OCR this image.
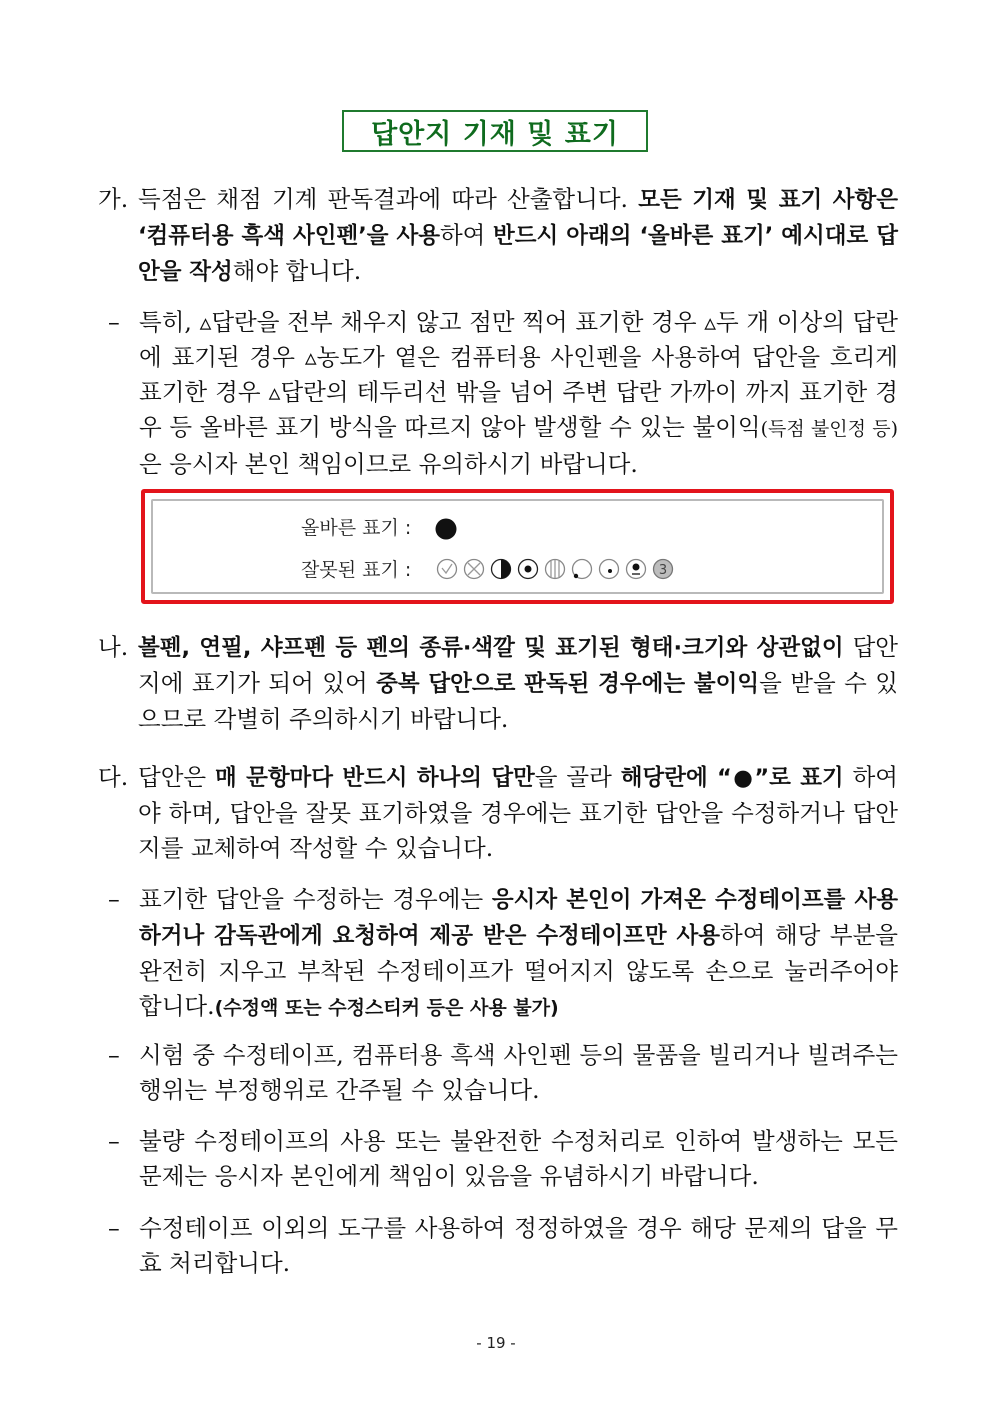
답안지 기재 및 표기
가. 득점은 채점 기계 판독결과에 따라 산출합니다. 모든 기재 및 표기 사항은 ‘컴퓨터용 흑색 사인펜’을 사용하여 반드시 아래의 ‘올바른 표기’ 예시대로 답안을 작성해야 합니다.
– 특히, ▵답란을 전부 채우지 않고 점만 찍어 표기한 경우 ▵두 개 이상의 답란에 표기된 경우 ▵농도가 옅은 컴퓨터용 사인펜을 사용하여 답안을 흐리게 표기한 경우 ▵답란의 테두리선 밖을 넘어 주변 답란 가까이 까지 표기한 경우 등 올바른 표기 방식을 따르지 않아 발생할 수 있는 불이익(득점 불인정 등)은 응시자 본인 책임이므로 유의하시기 바랍니다.
올바른 표기 :
잘못된 표기 :	3
나. 볼펜, 연필, 샤프펜 등 펜의 종류·색깔 및 표기된 형태·크기와 상관없이 답안지에 표기가 되어 있어 중복 답안으로 판독된 경우에는 불이익을 받을 수 있으므로 각별히 주의하시기 바랍니다.
다. 답안은 매 문항마다 반드시 하나의 답만을 골라 해당란에 “●”로 표기 하여야 하며, 답안을 잘못 표기하였을 경우에는 표기한 답안을 수정하거나 답안지를 교체하여 작성할 수 있습니다.
– 표기한 답안을 수정하는 경우에는 응시자 본인이 가져온 수정테이프를 사용하거나 감독관에게 요청하여 제공 받은 수정테이프만 사용하여 해당 부분을 완전히 지우고 부착된 수정테이프가 떨어지지 않도록 손으로 눌러주어야 합니다.(수정액 또는 수정스티커 등은 사용 불가)
– 시험 중 수정테이프, 컴퓨터용 흑색 사인펜 등의 물품을 빌리거나 빌려주는 행위는 부정행위로 간주될 수 있습니다.
– 불량 수정테이프의 사용 또는 불완전한 수정처리로 인하여 발생하는 모든 문제는 응시자 본인에게 책임이 있음을 유념하시기 바랍니다.
– 수정테이프 이외의 도구를 사용하여 정정하였을 경우 해당 문제의 답을 무효 처리합니다.
- 19 -
